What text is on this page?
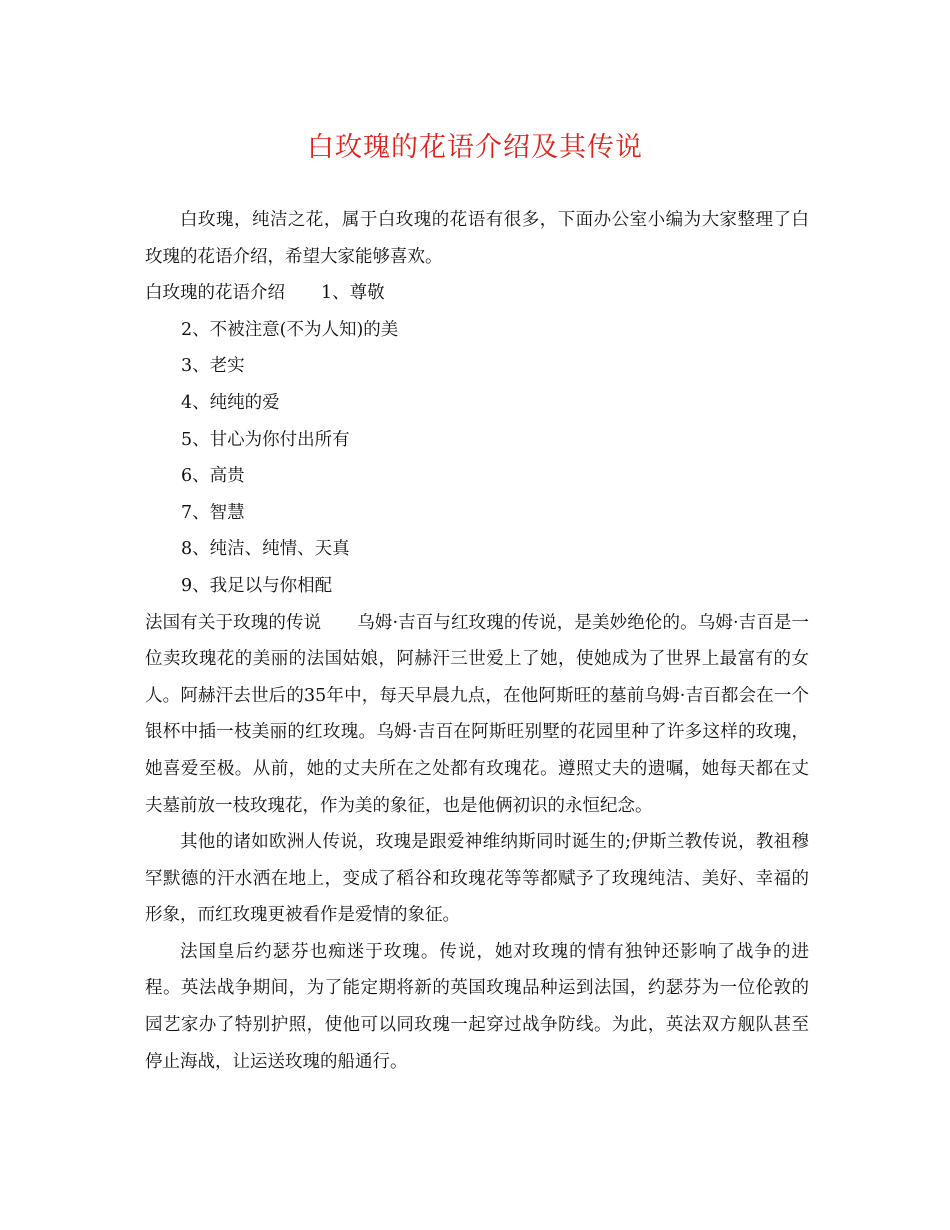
白玫瑰的花语介绍及其传说

白玫瑰，纯洁之花，属于白玫瑰的花语有很多，下面办公室小编为大家整理了白玫瑰的花语介绍，希望大家能够喜欢。

白玫瑰的花语介绍 1、尊敬

2、不被注意(不为人知)的美

3、老实

4、纯纯的爱

5、甘心为你付出所有

6、高贵

7、智慧

8、纯洁、纯情、天真

9、我足以与你相配

法国有关于玫瑰的传说 乌姆·吉百与红玫瑰的传说，是美妙绝伦的。乌姆·吉百是一位卖玫瑰花的美丽的法国姑娘，阿赫汗三世爱上了她，使她成为了世界上最富有的女人。阿赫汗去世后的35年中，每天早晨九点，在他阿斯旺的墓前乌姆·吉百都会在一个银杯中插一枝美丽的红玫瑰。乌姆·吉百在阿斯旺别墅的花园里种了许多这样的玫瑰，她喜爱至极。从前，她的丈夫所在之处都有玫瑰花。遵照丈夫的遗嘱，她每天都在丈夫墓前放一枝玫瑰花，作为美的象征，也是他俩初识的永恒纪念。

其他的诸如欧洲人传说，玫瑰是跟爱神维纳斯同时诞生的;伊斯兰教传说，教祖穆罕默德的汗水洒在地上，变成了稻谷和玫瑰花等等都赋予了玫瑰纯洁、美好、幸福的形象，而红玫瑰更被看作是爱情的象征。

法国皇后约瑟芬也痴迷于玫瑰。传说，她对玫瑰的情有独钟还影响了战争的进程。英法战争期间，为了能定期将新的英国玫瑰品种运到法国，约瑟芬为一位伦敦的园艺家办了特别护照，使他可以同玫瑰一起穿过战争防线。为此，英法双方舰队甚至停止海战，让运送玫瑰的船通行。
